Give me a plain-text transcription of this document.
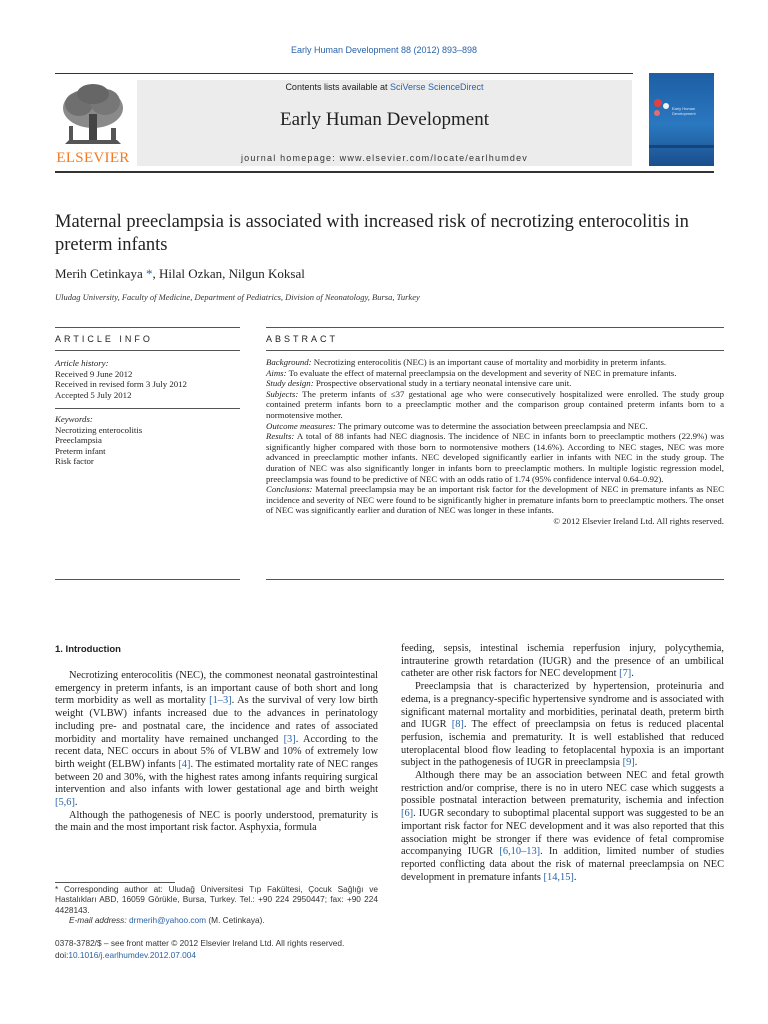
Early Human Development 88 (2012) 893–898
ELSEVIER
Contents lists available at SciVerse ScienceDirect
Early Human Development
journal homepage: www.elsevier.com/locate/earlhumdev
Early Human Development
Maternal preeclampsia is associated with increased risk of necrotizing enterocolitis in
preterm infants
Merih Cetinkaya *, Hilal Ozkan, Nilgun Koksal
Uludag University, Faculty of Medicine, Department of Pediatrics, Division of Neonatology, Bursa, Turkey
ARTICLE INFO
Article history:
Received 9 June 2012
Received in revised form 3 July 2012
Accepted 5 July 2012
Keywords:
Necrotizing enterocolitis
Preeclampsia
Preterm infant
Risk factor
ABSTRACT

Background: Necrotizing enterocolitis (NEC) is an important cause of mortality and morbidity in preterm infants.

Aims: To evaluate the effect of maternal preeclampsia on the development and severity of NEC in premature infants.

Study design: Prospective observational study in a tertiary neonatal intensive care unit.

Subjects: The preterm infants of ≤37 gestational age who were consecutively hospitalized were enrolled. The study group contained preterm infants born to a preeclamptic mother and the comparison group contained preterm infants born to a normotensive mother.

Outcome measures: The primary outcome was to determine the association between preeclampsia and NEC.

Results: A total of 88 infants had NEC diagnosis. The incidence of NEC in infants born to preeclamptic mothers (22.9%) was significantly higher compared with those born to normotensive mothers (14.6%). According to NEC stages, NEC was more advanced in preeclamptic mother infants. NEC developed significantly earlier in infants with NEC in the study group. The duration of NEC was also significantly longer in infants born to preeclamptic mothers. In multiple logistic regression model, preeclampsia was found to be predictive of NEC with an odds ratio of 1.74 (95% confidence interval 0.64–0.92).

Conclusions: Maternal preeclampsia may be an important risk factor for the development of NEC in premature infants as NEC incidence and severity of NEC were found to be significantly higher in premature infants born to preeclamptic mothers. The onset of NEC was significantly earlier and duration of NEC was longer in these infants.

© 2012 Elsevier Ireland Ltd. All rights reserved.

1. Introduction

Necrotizing enterocolitis (NEC), the commonest neonatal gastrointestinal emergency in preterm infants, is an important cause of both short and long term morbidity as well as mortality [1–3]. As the survival of very low birth weight (VLBW) infants increased due to the advances in perinatology including pre- and postnatal care, the incidence and rates of associated morbidity and mortality have remained unchanged [3]. According to the recent data, NEC occurs in about 5% of VLBW and 10% of extremely low birth weight (ELBW) infants [4]. The estimated mortality rate of NEC ranges between 20 and 30%, with the highest rates among infants requiring surgical intervention and also infants with lower gestational age and birth weight [5,6].

Although the pathogenesis of NEC is poorly understood, prematurity is the main and the most important risk factor. Asphyxia, formula

feeding, sepsis, intestinal ischemia reperfusion injury, polycythemia, intrauterine growth retardation (IUGR) and the presence of an umbilical catheter are other risk factors for NEC development [7].

Preeclampsia that is characterized by hypertension, proteinuria and edema, is a pregnancy-specific hypertensive syndrome and is associated with significant maternal mortality and morbidities, perinatal death, preterm birth and IUGR [8]. The effect of preeclampsia on fetus is reduced placental perfusion, ischemia and prematurity. It is well established that reduced uteroplacental blood flow leading to fetoplacental hypoxia is an important subject in the pathogenesis of IUGR in preeclampsia [9].

Although there may be an association between NEC and fetal growth restriction and/or comprise, there is no in utero NEC case which suggests a possible postnatal interaction between prematurity, ischemia and infection [6]. IUGR secondary to suboptimal placental support was suggested to be an important risk factor for NEC development and it was also reported that this association might be stronger if there was evidence of fetal compromise accompanying IUGR [6,10–13]. In addition, limited number of studies reported conflicting data about the risk of maternal preeclampsia on NEC development in premature infants [14,15].

* Corresponding author at: Uludağ Üniversitesi Tıp Fakültesi, Çocuk Sağlığı ve Hastalıkları ABD, 16059 Görükle, Bursa, Turkey. Tel.: +90 224 2950447; fax: +90 224 4428143.

E-mail address: drmerih@yahoo.com (M. Cetinkaya).

0378-3782/$ – see front matter © 2012 Elsevier Ireland Ltd. All rights reserved.
doi:10.1016/j.earlhumdev.2012.07.004
